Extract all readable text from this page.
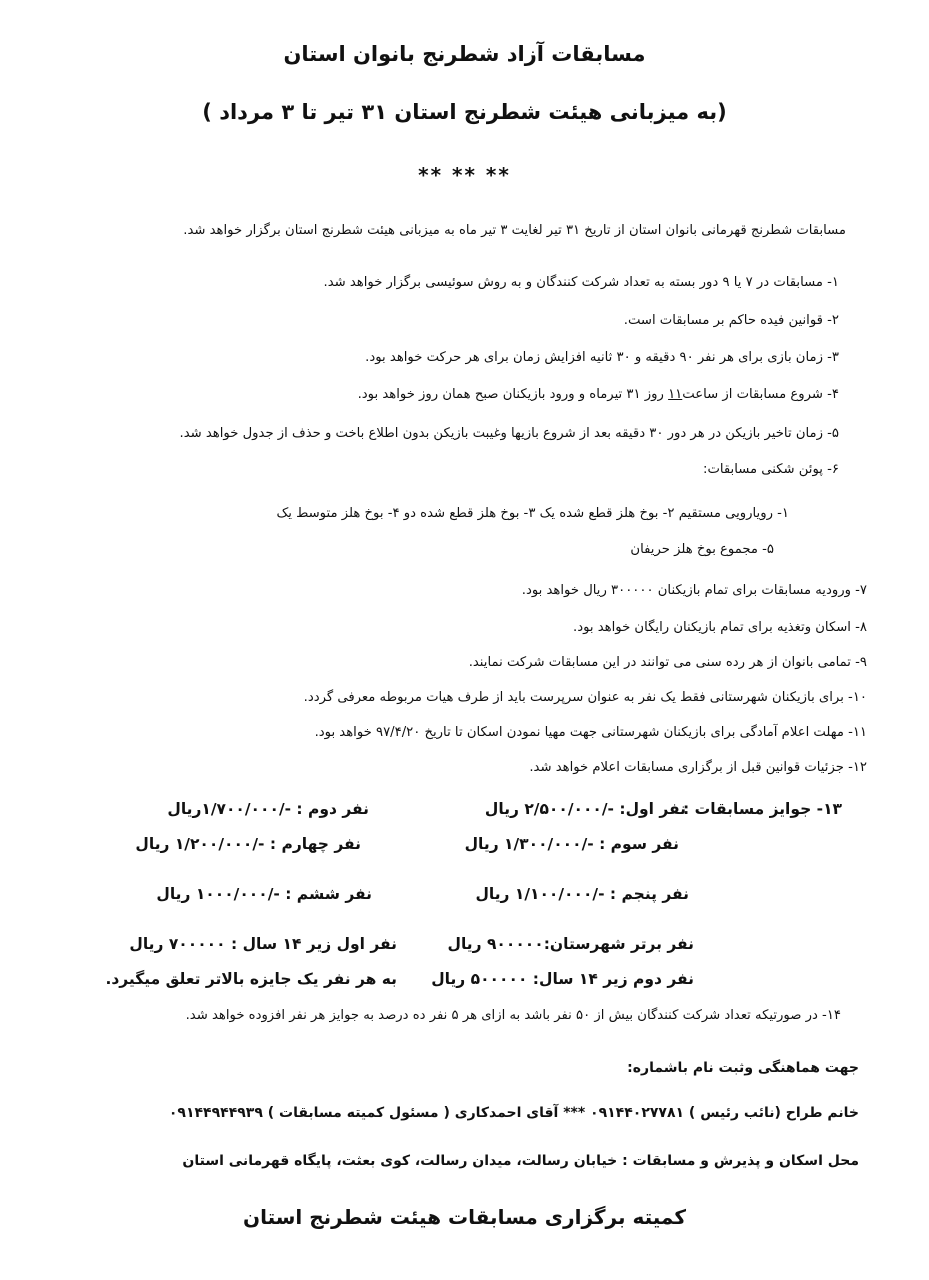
مسابقات آزاد شطرنج بانوان استان
(به میزبانی هیئت شطرنج استان ۳۱ تیر تا ۳ مرداد )
** ** **
مسابقات شطرنج قهرمانی بانوان استان از تاریخ ۳۱ تیر لغایت ۳ تیر ماه به میزبانی هیئت شطرنج استان برگزار خواهد شد.
۱- مسابقات در ۷ یا ۹ دور بسته به تعداد شرکت کنندگان و به روش سوئیسی برگزار خواهد شد.
۲- قوانین فیده حاکم بر مسابقات است.
۳- زمان بازی برای هر نفر ۹۰ دقیقه و ۳۰ ثانیه افزایش زمان برای هر حرکت خواهد بود.
۴- شروع مسابقات از ساعت۱۱ روز ۳۱ تیرماه و ورود بازیکنان صبح همان روز خواهد بود.
۵- زمان تاخیر بازیکن در هر دور ۳۰ دقیقه بعد از شروع بازیها وغیبت بازیکن بدون اطلاع باخت و حذف از جدول خواهد شد.
۶- پوئن شکنی مسابقات:
۱- رویارویی مستقیم ۲- بوخ هلز قطع شده یک ۳- بوخ هلز قطع شده دو ۴- بوخ هلز متوسط یک
۵- مجموع بوخ هلز حریفان
۷- ورودیه مسابقات برای تمام بازیکنان ۳۰۰۰۰۰ ریال خواهد بود.
۸- اسکان وتغذیه برای تمام بازیکنان رایگان خواهد بود.
۹- تمامی بانوان از هر رده سنی می توانند در این مسابقات شرکت نمایند.
۱۰- برای بازیکنان شهرستانی فقط یک نفر به عنوان سرپرست باید از طرف هیات مربوطه معرفی گردد.
۱۱- مهلت اعلام آمادگی برای بازیکنان شهرستانی جهت مهیا نمودن اسکان تا تاریخ ۹۷/۴/۲۰ خواهد بود.
۱۲- جزئیات قوانین قبل از برگزاری مسابقات اعلام خواهد شد.
۱۳- جوایز مسابقات :
نفر اول: -/۲/۵۰۰/۰۰۰ ریال
نفر دوم : -/۱/۷۰۰/۰۰۰ریال
نفر سوم : -/۱/۳۰۰/۰۰۰ ریال
نفر چهارم : -/۱/۲۰۰/۰۰۰ ریال
نفر پنجم : -/۱/۱۰۰/۰۰۰ ریال
نفر ششم : -/۱۰۰۰/۰۰۰ ریال
نفر برتر شهرستان:۹۰۰۰۰۰ ریال
نفر اول زیر ۱۴ سال : ۷۰۰۰۰۰ ریال
نفر دوم زیر ۱۴ سال: ۵۰۰۰۰۰ ریال
به هر نفر یک جایزه بالاتر تعلق میگیرد.
۱۴- در صورتیکه تعداد شرکت کنندگان بیش از ۵۰ نفر باشد به ازای هر ۵ نفر ده درصد به جوایز هر نفر افزوده خواهد شد.
جهت هماهنگی وثبت نام باشماره:
خانم طراح (نائب رئیس ) ۰۹۱۴۴۰۲۷۷۸۱ *** آقای احمدکاری ( مسئول کمیته مسابقات ) ۰۹۱۴۴۹۴۴۹۳۹
محل اسکان و پذیرش و مسابقات : خیابان رسالت، میدان رسالت، کوی بعثت، پایگاه قهرمانی استان
کمیته برگزاری مسابقات هیئت شطرنج استان
